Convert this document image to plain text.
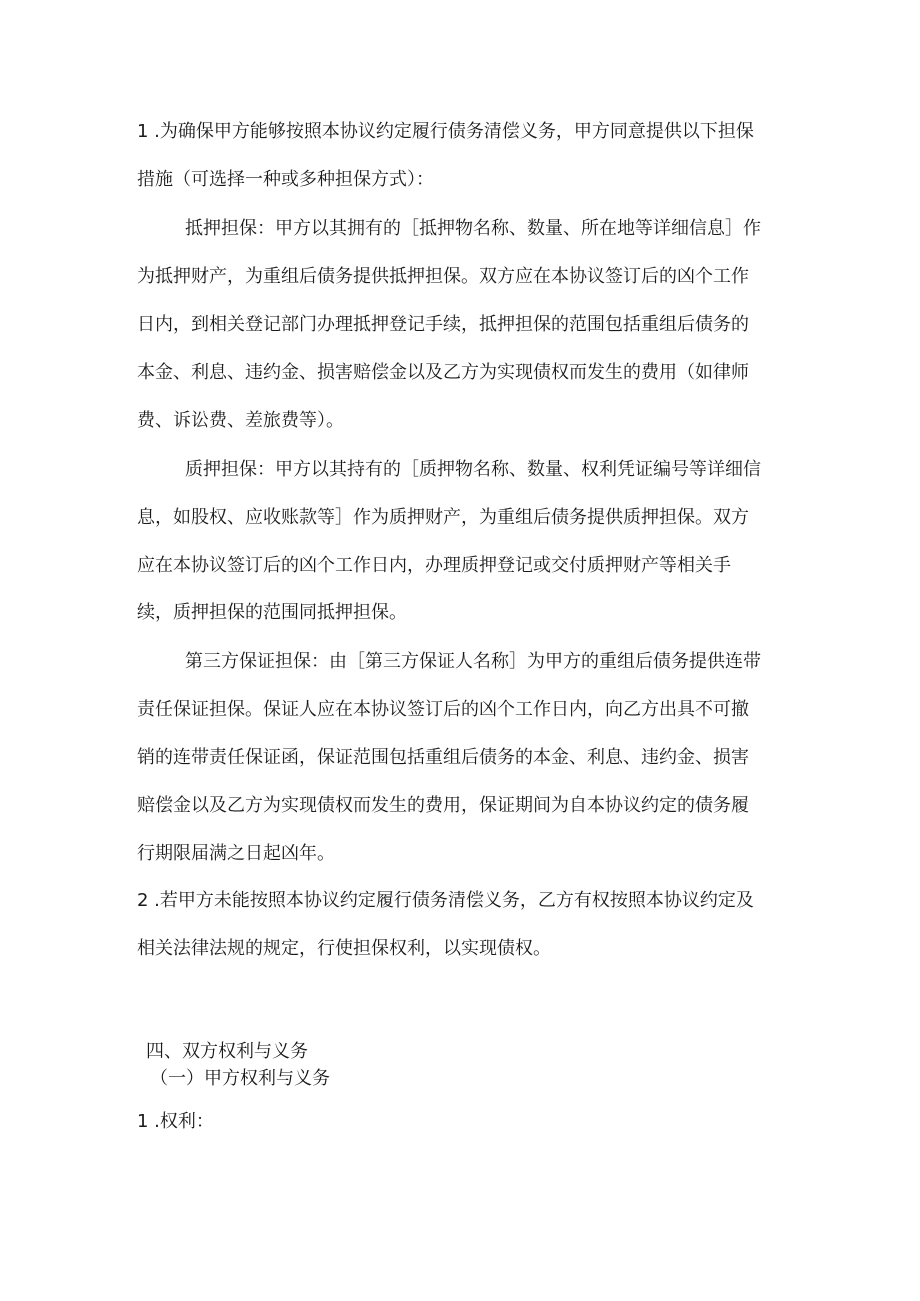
1 .为确保甲方能够按照本协议约定履行债务清偿义务，甲方同意提供以下担保
措施（可选择一种或多种担保方式）：
抵押担保：甲方以其拥有的［抵押物名称、数量、所在地等详细信息］作
为抵押财产，为重组后债务提供抵押担保。双方应在本协议签订后的凶个工作
日内，到相关登记部门办理抵押登记手续，抵押担保的范围包括重组后债务的
本金、利息、违约金、损害赔偿金以及乙方为实现债权而发生的费用（如律师
费、诉讼费、差旅费等）。
质押担保：甲方以其持有的［质押物名称、数量、权利凭证编号等详细信
息，如股权、应收账款等］作为质押财产，为重组后债务提供质押担保。双方
应在本协议签订后的凶个工作日内，办理质押登记或交付质押财产等相关手
续，质押担保的范围同抵押担保。
第三方保证担保：由［第三方保证人名称］为甲方的重组后债务提供连带
责任保证担保。保证人应在本协议签订后的凶个工作日内，向乙方出具不可撤
销的连带责任保证函，保证范围包括重组后债务的本金、利息、违约金、损害
赔偿金以及乙方为实现债权而发生的费用，保证期间为自本协议约定的债务履
行期限届满之日起凶年。
2 .若甲方未能按照本协议约定履行债务清偿义务，乙方有权按照本协议约定及
相关法律法规的规定，行使担保权利，以实现债权。
四、双方权利与义务
（一）甲方权利与义务
1 .权利：
